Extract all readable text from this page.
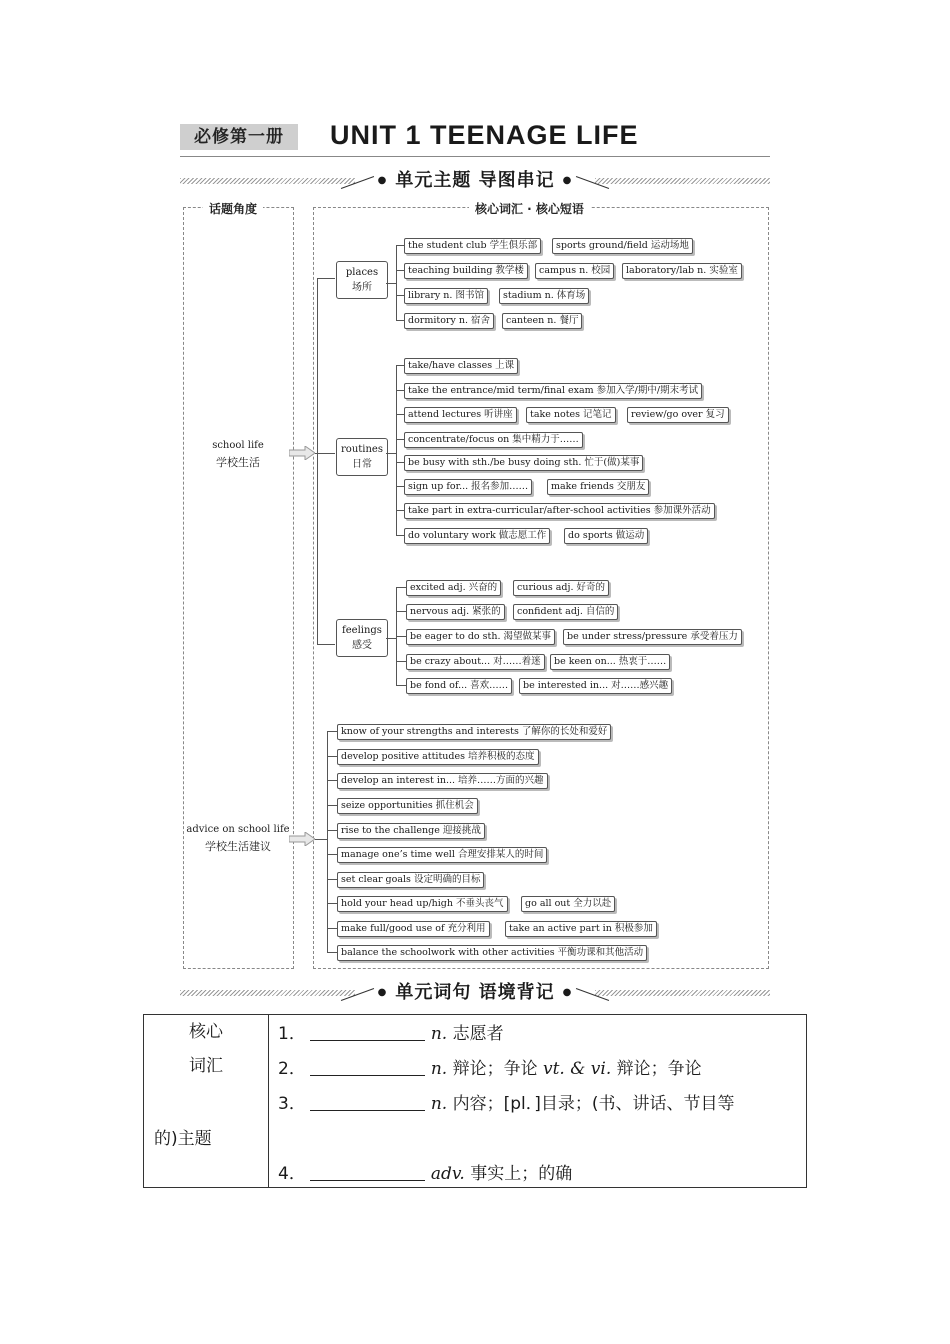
必修第一册	UNIT 1 TEENAGE LIFE
● 单元主题 导图串记 ●
话题角度	核心词汇 · 核心短语
school life
学校生活
advice on school life
学校生活建议
places
场所
routines
日常
feelings
感受
the student club 学生俱乐部	sports ground/field 运动场地
teaching building 教学楼	campus n. 校园	laboratory/lab n. 实验室
library n. 图书馆	stadium n. 体育场
dormitory n. 宿舍	canteen n. 餐厅
take/have classes 上课
take the entrance/mid term/final exam 参加入学/期中/期末考试
attend lectures 听讲座	take notes 记笔记	review/go over 复习
concentrate/focus on 集中精力于……
be busy with sth./be busy doing sth. 忙于(做)某事
sign up for... 报名参加……	make friends 交朋友
take part in extra-curricular/after-school activities 参加课外活动
do voluntary work 做志愿工作	do sports 做运动
excited adj. 兴奋的	curious adj. 好奇的
nervous adj. 紧张的	confident adj. 自信的
be eager to do sth. 渴望做某事	be under stress/pressure 承受着压力
be crazy about... 对……着迷	be keen on... 热衷于……
be fond of... 喜欢……	be interested in... 对……感兴趣
know of your strengths and interests 了解你的长处和爱好
develop positive attitudes 培养积极的态度
develop an interest in... 培养……方面的兴趣
seize opportunities 抓住机会
rise to the challenge 迎接挑战
manage one’s time well 合理安排某人的时间
set clear goals 设定明确的目标
hold your head up/high 不垂头丧气	go all out 全力以赴
make full/good use of 充分利用	take an active part in 积极参加
balance the schoolwork with other activities 平衡功课和其他活动
● 单元词句 语境背记 ●
核心
词汇
1．	n. 志愿者
2．	n. 辩论；争论 vt. & vi. 辩论；争论
3．	n. 内容；[pl．]目录；(书、讲话、节目等
的)主题
4．	adv. 事实上；的确
